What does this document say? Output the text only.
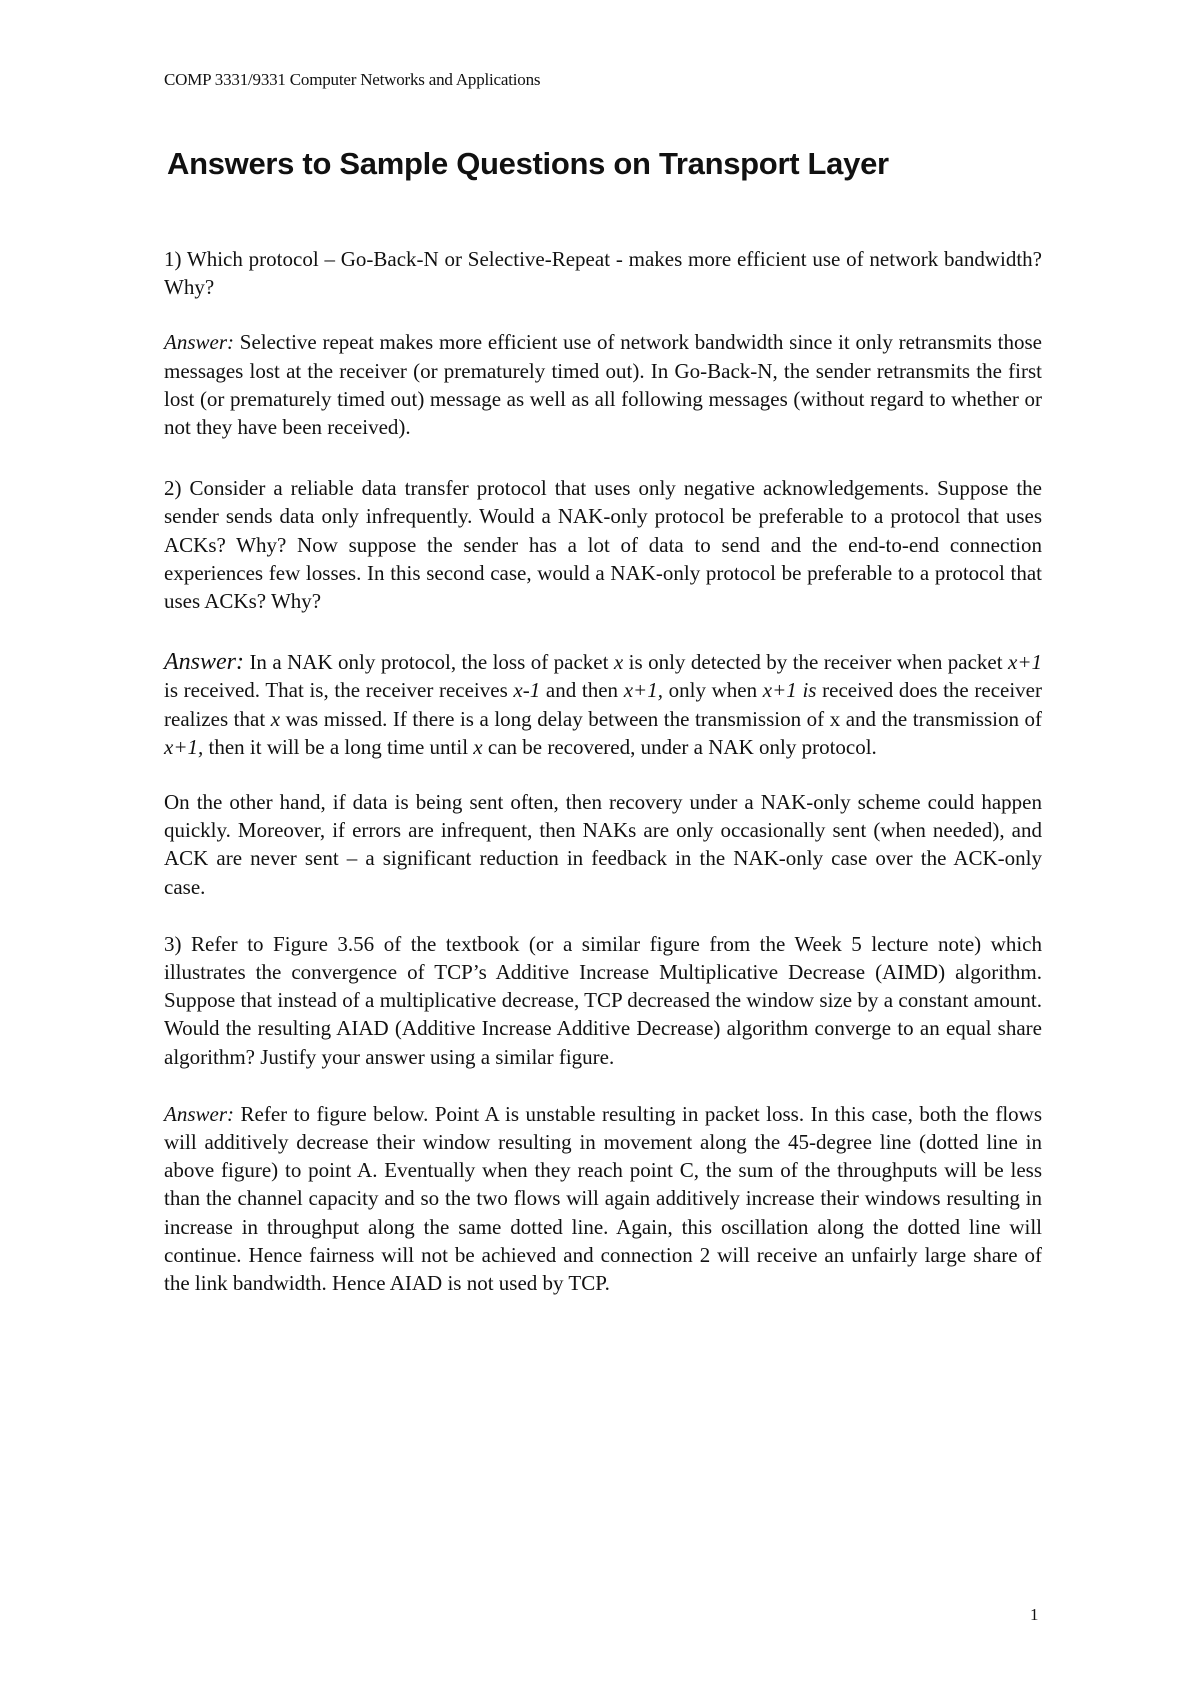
COMP 3331/9331 Computer Networks and Applications
Answers to Sample Questions on Transport Layer

1) Which protocol – Go-Back-N or Selective-Repeat - makes more efficient use of network bandwidth? Why?

Answer: Selective repeat makes more efficient use of network bandwidth since it only retransmits those messages lost at the receiver (or prematurely timed out). In Go-Back-N, the sender retransmits the first lost (or prematurely timed out) message as well as all following messages (without regard to whether or not they have been received).

2) Consider a reliable data transfer protocol that uses only negative acknowledgements. Suppose the sender sends data only infrequently. Would a NAK-only protocol be preferable to a protocol that uses ACKs? Why? Now suppose the sender has a lot of data to send and the end-to-end connection experiences few losses. In this second case, would a NAK-only protocol be preferable to a protocol that uses ACKs? Why?

Answer: In a NAK only protocol, the loss of packet x is only detected by the receiver when packet x+1 is received. That is, the receiver receives x-1 and then x+1, only when x+1 is received does the receiver realizes that x was missed. If there is a long delay between the transmission of x and the transmission of x+1, then it will be a long time until x can be recovered, under a NAK only protocol.

On the other hand, if data is being sent often, then recovery under a NAK-only scheme could happen quickly. Moreover, if errors are infrequent, then NAKs are only occasionally sent (when needed), and ACK are never sent – a significant reduction in feedback in the NAK-only case over the ACK-only case.

3) Refer to Figure 3.56 of the textbook (or a similar figure from the Week 5 lecture note) which illustrates the convergence of TCP’s Additive Increase Multiplicative Decrease (AIMD) algorithm. Suppose that instead of a multiplicative decrease, TCP decreased the window size by a constant amount. Would the resulting AIAD (Additive Increase Additive Decrease) algorithm converge to an equal share algorithm? Justify your answer using a similar figure.

Answer: Refer to figure below. Point A is unstable resulting in packet loss. In this case, both the flows will additively decrease their window resulting in movement along the 45-degree line (dotted line in above figure) to point A. Eventually when they reach point C, the sum of the throughputs will be less than the channel capacity and so the two flows will again additively increase their windows resulting in increase in throughput along the same dotted line. Again, this oscillation along the dotted line will continue. Hence fairness will not be achieved and connection 2 will receive an unfairly large share of the link bandwidth. Hence AIAD is not used by TCP.

1
